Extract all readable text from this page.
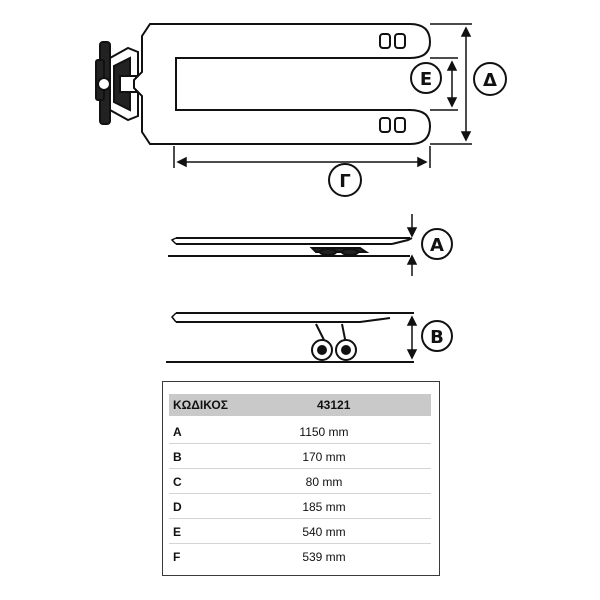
Δ
Ε
Γ
A
B
ΚΩΔΙΚΟΣ	43121
A	1150 mm
B	170 mm
C	80 mm
D	185 mm
E	540 mm
F	539 mm
